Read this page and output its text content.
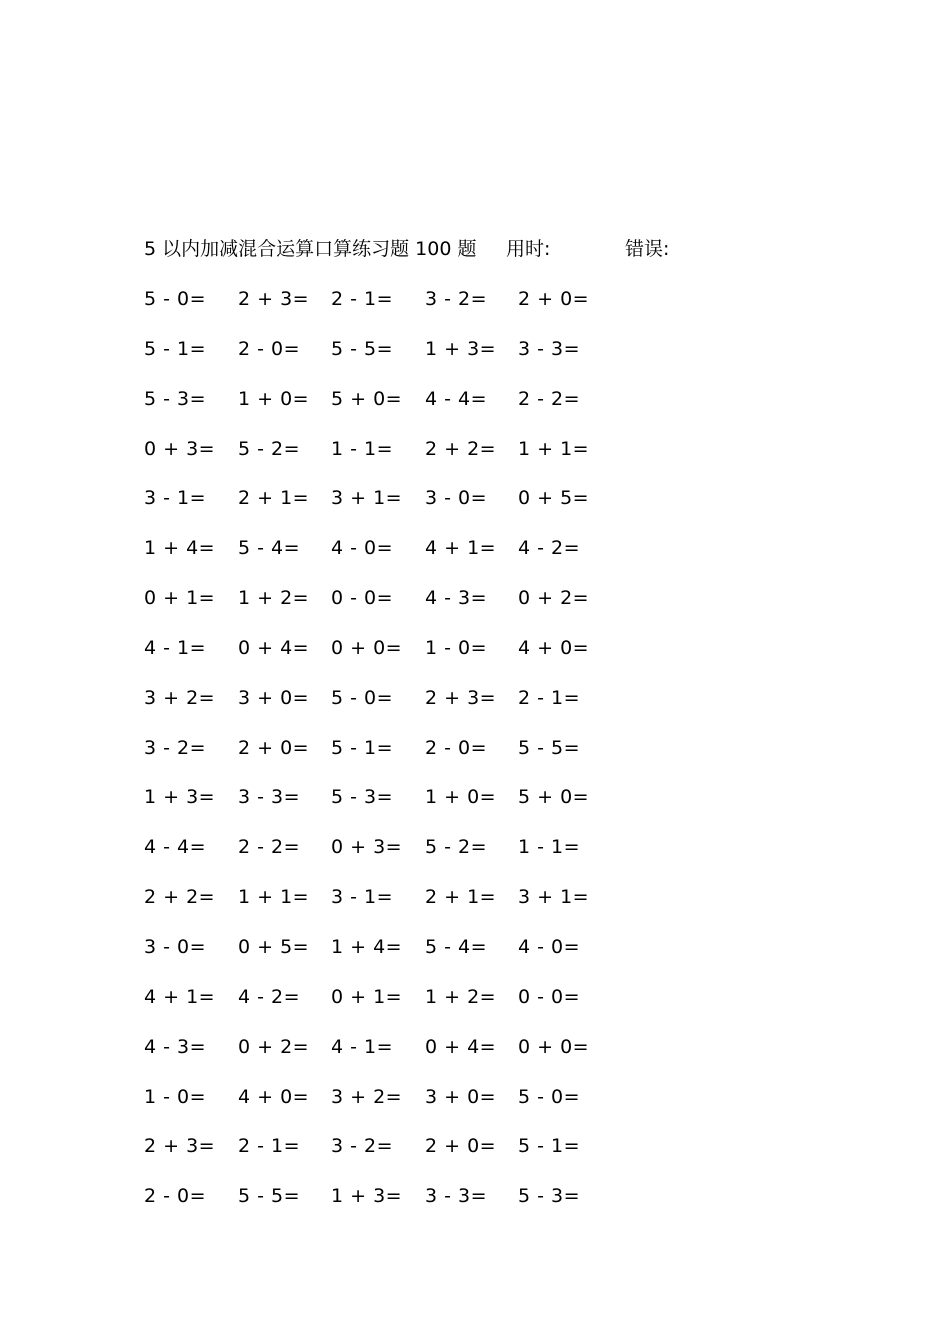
5 以内加减混合运算口算练习题 100 题 用时:	错误:
5 - 0= 2 + 3= 2 - 1= 3 - 2= 2 + 0=
5 - 1= 2 - 0= 5 - 5= 1 + 3= 3 - 3=
5 - 3= 1 + 0= 5 + 0= 4 - 4= 2 - 2=
0 + 3= 5 - 2= 1 - 1= 2 + 2= 1 + 1=
3 - 1= 2 + 1= 3 + 1= 3 - 0= 0 + 5=
1 + 4= 5 - 4= 4 - 0= 4 + 1= 4 - 2=
0 + 1= 1 + 2= 0 - 0= 4 - 3= 0 + 2=
4 - 1= 0 + 4= 0 + 0= 1 - 0= 4 + 0=
3 + 2= 3 + 0= 5 - 0= 2 + 3= 2 - 1=
3 - 2= 2 + 0= 5 - 1= 2 - 0= 5 - 5=
1 + 3= 3 - 3= 5 - 3= 1 + 0= 5 + 0=
4 - 4= 2 - 2= 0 + 3= 5 - 2= 1 - 1=
2 + 2= 1 + 1= 3 - 1= 2 + 1= 3 + 1=
3 - 0= 0 + 5= 1 + 4= 5 - 4= 4 - 0=
4 + 1= 4 - 2= 0 + 1= 1 + 2= 0 - 0=
4 - 3= 0 + 2= 4 - 1= 0 + 4= 0 + 0=
1 - 0= 4 + 0= 3 + 2= 3 + 0= 5 - 0=
2 + 3= 2 - 1= 3 - 2= 2 + 0= 5 - 1=
2 - 0= 5 - 5= 1 + 3= 3 - 3= 5 - 3=
